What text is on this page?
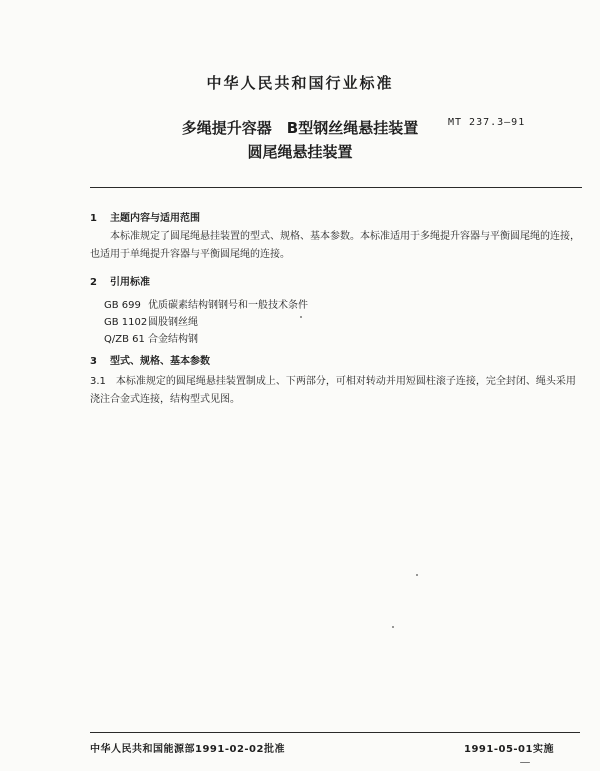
中华人民共和国行业标准
多绳提升容器　B型钢丝绳悬挂装置	MT 237.3—91
圆尾绳悬挂装置
1 主题内容与适用范围
本标准规定了圆尾绳悬挂装置的型式、规格、基本参数。本标准适用于多绳提升容器与平衡圆尾绳的连接，也适用于单绳提升容器与平衡圆尾绳的连接。
2 引用标准
GB 699 优质碳素结构钢钢号和一般技术条件
GB 1102圆股钢丝绳
Q/ZB 61 合金结构钢
3 型式、规格、基本参数
3.1　本标准规定的圆尾绳悬挂装置制成上、下两部分，可相对转动并用短圆柱滚子连接，完全封闭、绳头采用浇注合金式连接，结构型式见图。
中华人民共和国能源部1991-02-02批准	1991-05-01实施
